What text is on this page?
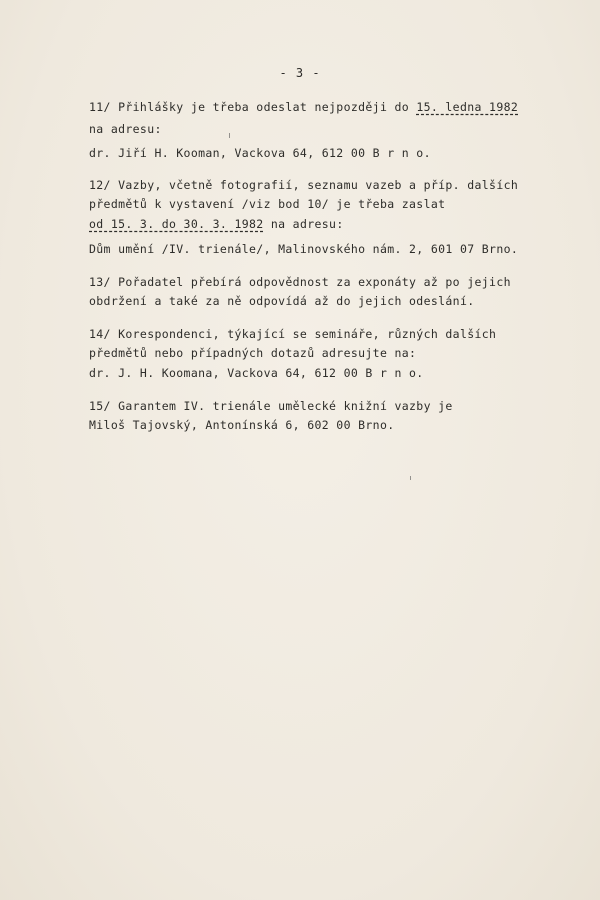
- 3 -
11/ Přihlášky je třeba odeslat nejpozději do 15. ledna 1982
na adresu:
dr. Jiří H. Kooman, Vackova 64, 612 00 B r n o.
12/ Vazby, včetně fotografií, seznamu vazeb a příp. dalších
předmětů k vystavení /viz bod 10/ je třeba zaslat
od 15. 3. do 30. 3. 1982 na adresu:
Dům umění /IV. trienále/, Malinovského nám. 2, 601 07 Brno.
13/ Pořadatel přebírá odpovědnost za exponáty až po jejich
obdržení a také za ně odpovídá až do jejich odeslání.
14/ Korespondenci, týkající se semináře, různých dalších
předmětů nebo případných dotazů adresujte na:
dr. J. H. Koomana, Vackova 64, 612 00 B r n o.
15/ Garantem IV. trienále umělecké knižní vazby je
Miloš Tajovský, Antonínská 6, 602 00 Brno.
